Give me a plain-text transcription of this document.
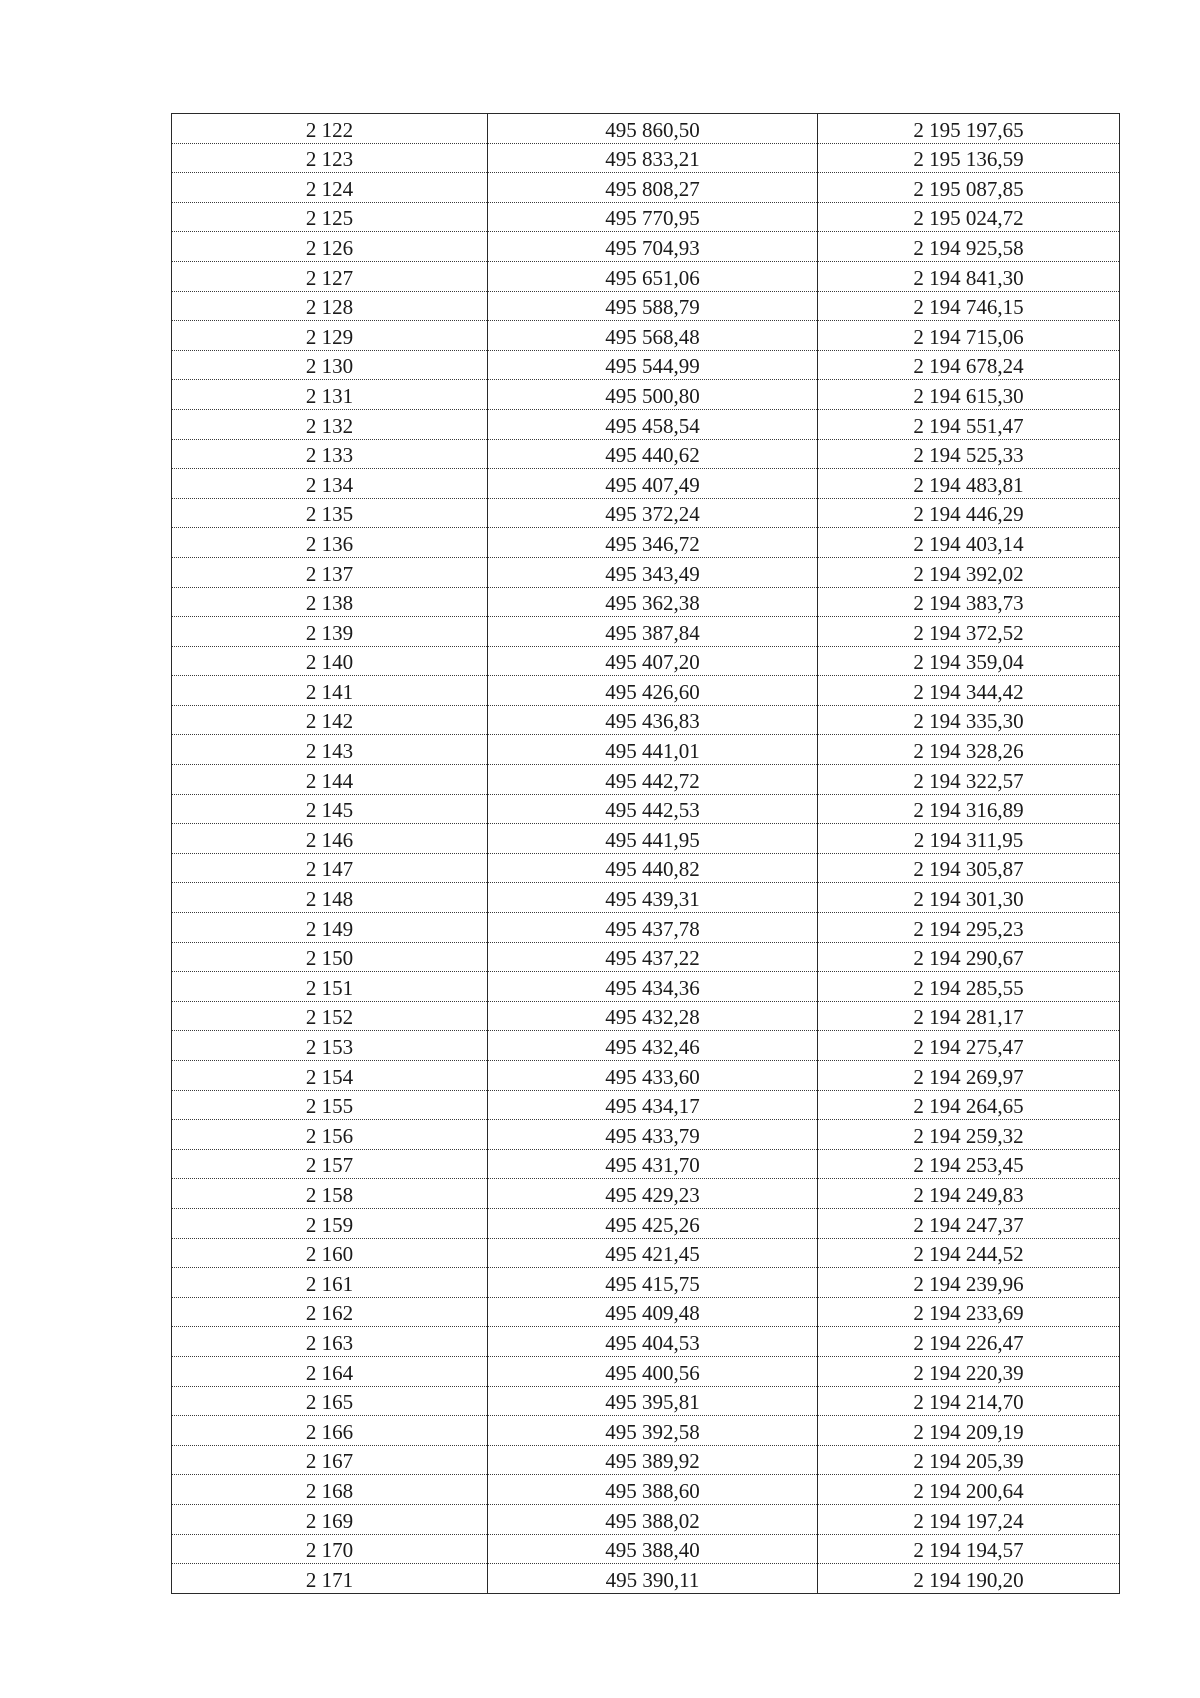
2 122	495 860,50	2 195 197,65
2 123	495 833,21	2 195 136,59
2 124	495 808,27	2 195 087,85
2 125	495 770,95	2 195 024,72
2 126	495 704,93	2 194 925,58
2 127	495 651,06	2 194 841,30
2 128	495 588,79	2 194 746,15
2 129	495 568,48	2 194 715,06
2 130	495 544,99	2 194 678,24
2 131	495 500,80	2 194 615,30
2 132	495 458,54	2 194 551,47
2 133	495 440,62	2 194 525,33
2 134	495 407,49	2 194 483,81
2 135	495 372,24	2 194 446,29
2 136	495 346,72	2 194 403,14
2 137	495 343,49	2 194 392,02
2 138	495 362,38	2 194 383,73
2 139	495 387,84	2 194 372,52
2 140	495 407,20	2 194 359,04
2 141	495 426,60	2 194 344,42
2 142	495 436,83	2 194 335,30
2 143	495 441,01	2 194 328,26
2 144	495 442,72	2 194 322,57
2 145	495 442,53	2 194 316,89
2 146	495 441,95	2 194 311,95
2 147	495 440,82	2 194 305,87
2 148	495 439,31	2 194 301,30
2 149	495 437,78	2 194 295,23
2 150	495 437,22	2 194 290,67
2 151	495 434,36	2 194 285,55
2 152	495 432,28	2 194 281,17
2 153	495 432,46	2 194 275,47
2 154	495 433,60	2 194 269,97
2 155	495 434,17	2 194 264,65
2 156	495 433,79	2 194 259,32
2 157	495 431,70	2 194 253,45
2 158	495 429,23	2 194 249,83
2 159	495 425,26	2 194 247,37
2 160	495 421,45	2 194 244,52
2 161	495 415,75	2 194 239,96
2 162	495 409,48	2 194 233,69
2 163	495 404,53	2 194 226,47
2 164	495 400,56	2 194 220,39
2 165	495 395,81	2 194 214,70
2 166	495 392,58	2 194 209,19
2 167	495 389,92	2 194 205,39
2 168	495 388,60	2 194 200,64
2 169	495 388,02	2 194 197,24
2 170	495 388,40	2 194 194,57
2 171	495 390,11	2 194 190,20
